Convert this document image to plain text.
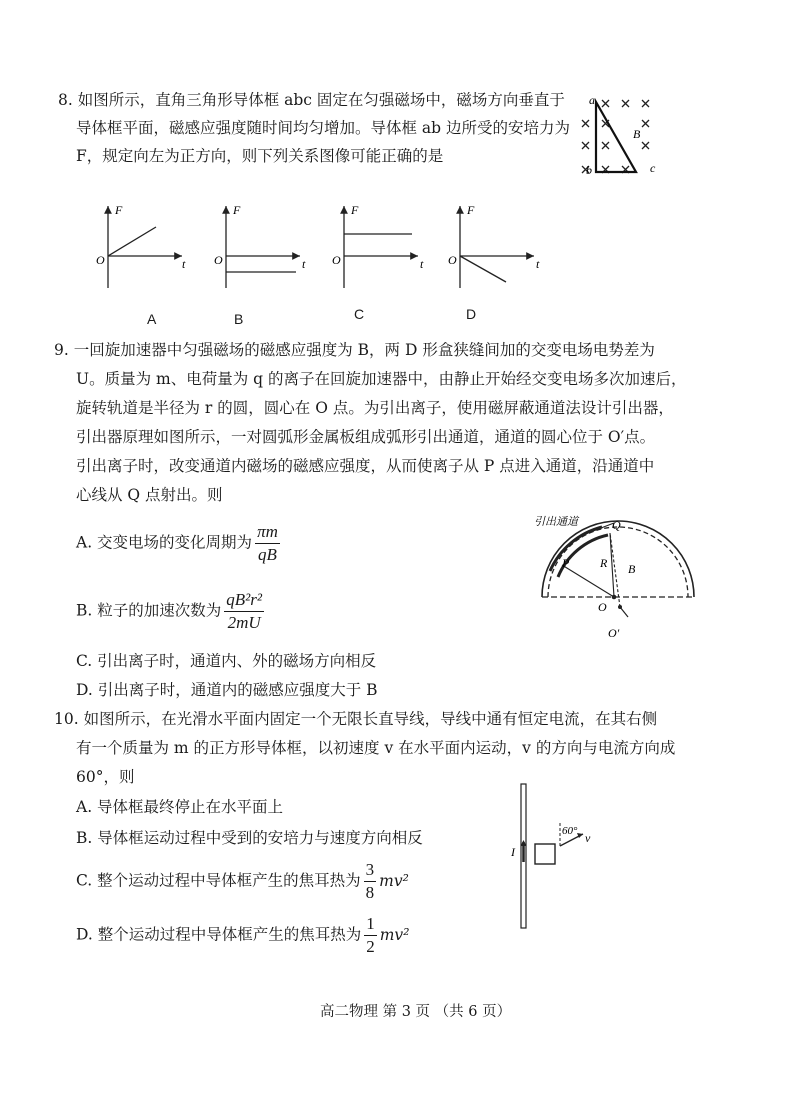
8. 如图所示，直角三角形导体框 abc 固定在匀强磁场中，磁场方向垂直于
导体框平面，磁感应强度随时间均匀增加。导体框 ab 边所受的安培力为
F，规定向左为正方向，则下列关系图像可能正确的是
a
b	c
B
F
t
O
F
t
O
F
t
O
F
t
O
A	B	C	D
9. 一回旋加速器中匀强磁场的磁感应强度为 B，两 D 形盒狭缝间加的交变电场电势差为
U。质量为 m、电荷量为 q 的离子在回旋加速器中，由静止开始经交变电场多次加速后，
旋转轨道是半径为 r 的圆，圆心在 O 点。为引出离子，使用磁屏蔽通道法设计引出器，
引出器原理如图所示，一对圆弧形金属板组成弧形引出通道，通道的圆心位于 O′点。
引出离子时，改变通道内磁场的磁感应强度，从而使离子从 P 点进入通道，沿通道中
心线从 Q 点射出。则
A. 交变电场的变化周期为 $\frac{\pi m}{qB}$
B. 粒子的加速次数为 $\frac{\text{qB²r²}}{2mU}$
C. 引出离子时，通道内、外的磁场方向相反
D. 引出离子时，通道内的磁感应强度大于 B
引出通道	Q
P	R B
O
O′
10. 如图所示，在光滑水平面内固定一个无限长直导线，导线中通有恒定电流，在其右侧
有一个质量为 m 的正方形导体框，以初速度 v 在水平面内运动，v 的方向与电流方向成
60°，则
A. 导体框最终停止在水平面上
B. 导体框运动过程中受到的安培力与速度方向相反
C. 整个运动过程中导体框产生的焦耳热为 $\frac{3}{8} mv^2$
D. 整个运动过程中导体框产生的焦耳热为 $\frac{1}{2} mv^2$
I
60° v
高二物理 第 3 页 （共 6 页）
